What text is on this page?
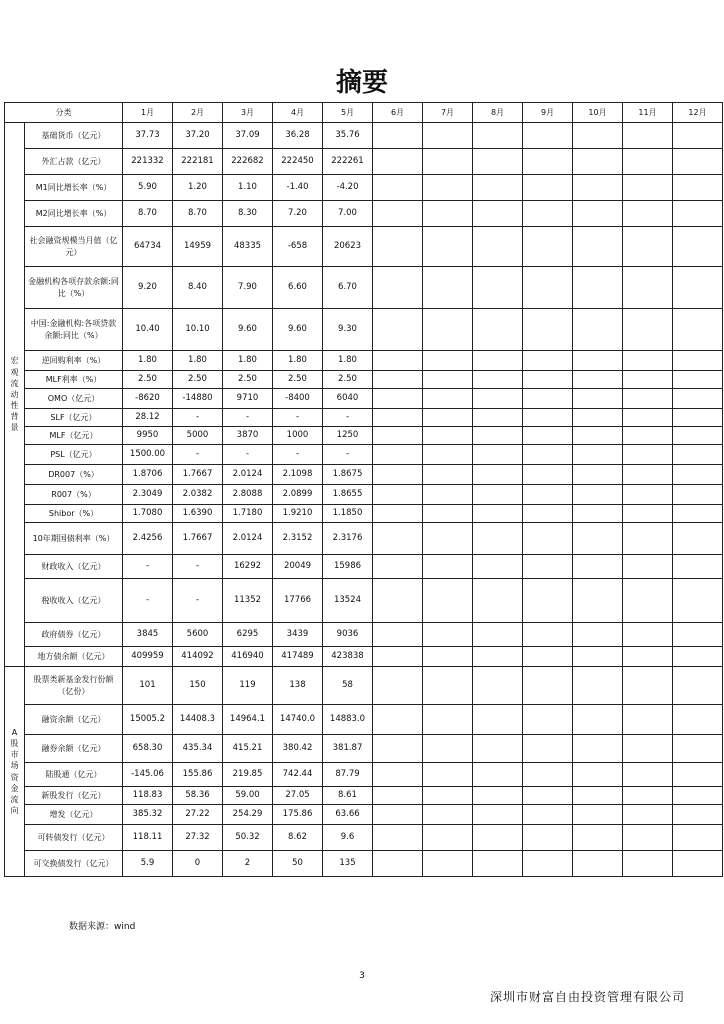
摘要
分类		1月	2月	3月	4月	5月	6月	7月	8月	9月	10月	11月	12月
宏观流动性背景	基础货币（亿元）	37.73	37.20	37.09	36.28	35.76							
	外汇占款（亿元）	221332	222181	222682	222450	222261							
	M1同比增长率（%）	5.90	1.20	1.10	-1.40	-4.20							
	M2同比增长率（%）	8.70	8.70	8.30	7.20	7.00							
	社会融资规模当月值（亿元）	64734	14959	48335	-658	20623							
	金融机构各项存款余额:同比（%）	9.20	8.40	7.90	6.60	6.70							
	中国:金融机构:各项贷款余额:同比（%）	10.40	10.10	9.60	9.60	9.30							
	逆回购利率（%）	1.80	1.80	1.80	1.80	1.80							
	MLF利率（%）	2.50	2.50	2.50	2.50	2.50							
	OMO（亿元）	-8620	-14880	9710	-8400	6040							
	SLF（亿元）	28.12	-	-	-	-							
	MLF（亿元）	9950	5000	3870	1000	1250							
	PSL（亿元）	1500.00	-	-	-	-							
	DR007（%）	1.8706	1.7667	2.0124	2.1098	1.8675							
	R007（%）	2.3049	2.0382	2.8088	2.0899	1.8655							
	Shibor（%）	1.7080	1.6390	1.7180	1.9210	1.1850							
	10年期国债利率（%）	2.4256	1.7667	2.0124	2.3152	2.3176							
	财政收入（亿元）	-	-	16292	20049	15986							
	税收收入（亿元）	-	-	11352	17766	13524							
	政府债券（亿元）	3845	5600	6295	3439	9036							
	地方债余额（亿元）	409959	414092	416940	417489	423838							
A股市场资金流向	股票类新基金发行份额（亿份）	101	150	119	138	58							
	融资余额（亿元）	15005.2	14408.3	14964.1	14740.0	14883.0							
	融券余额（亿元）	658.30	435.34	415.21	380.42	381.87							
	陆股通（亿元）	-145.06	155.86	219.85	742.44	87.79							
	新股发行（亿元）	118.83	58.36	59.00	27.05	8.61							
	增发（亿元）	385.32	27.22	254.29	175.86	63.66							
	可转债发行（亿元）	118.11	27.32	50.32	8.62	9.6							
	可交换债发行（亿元）	5.9	0	2	50	135							
数据来源：wind
3
深圳市财富自由投资管理有限公司
